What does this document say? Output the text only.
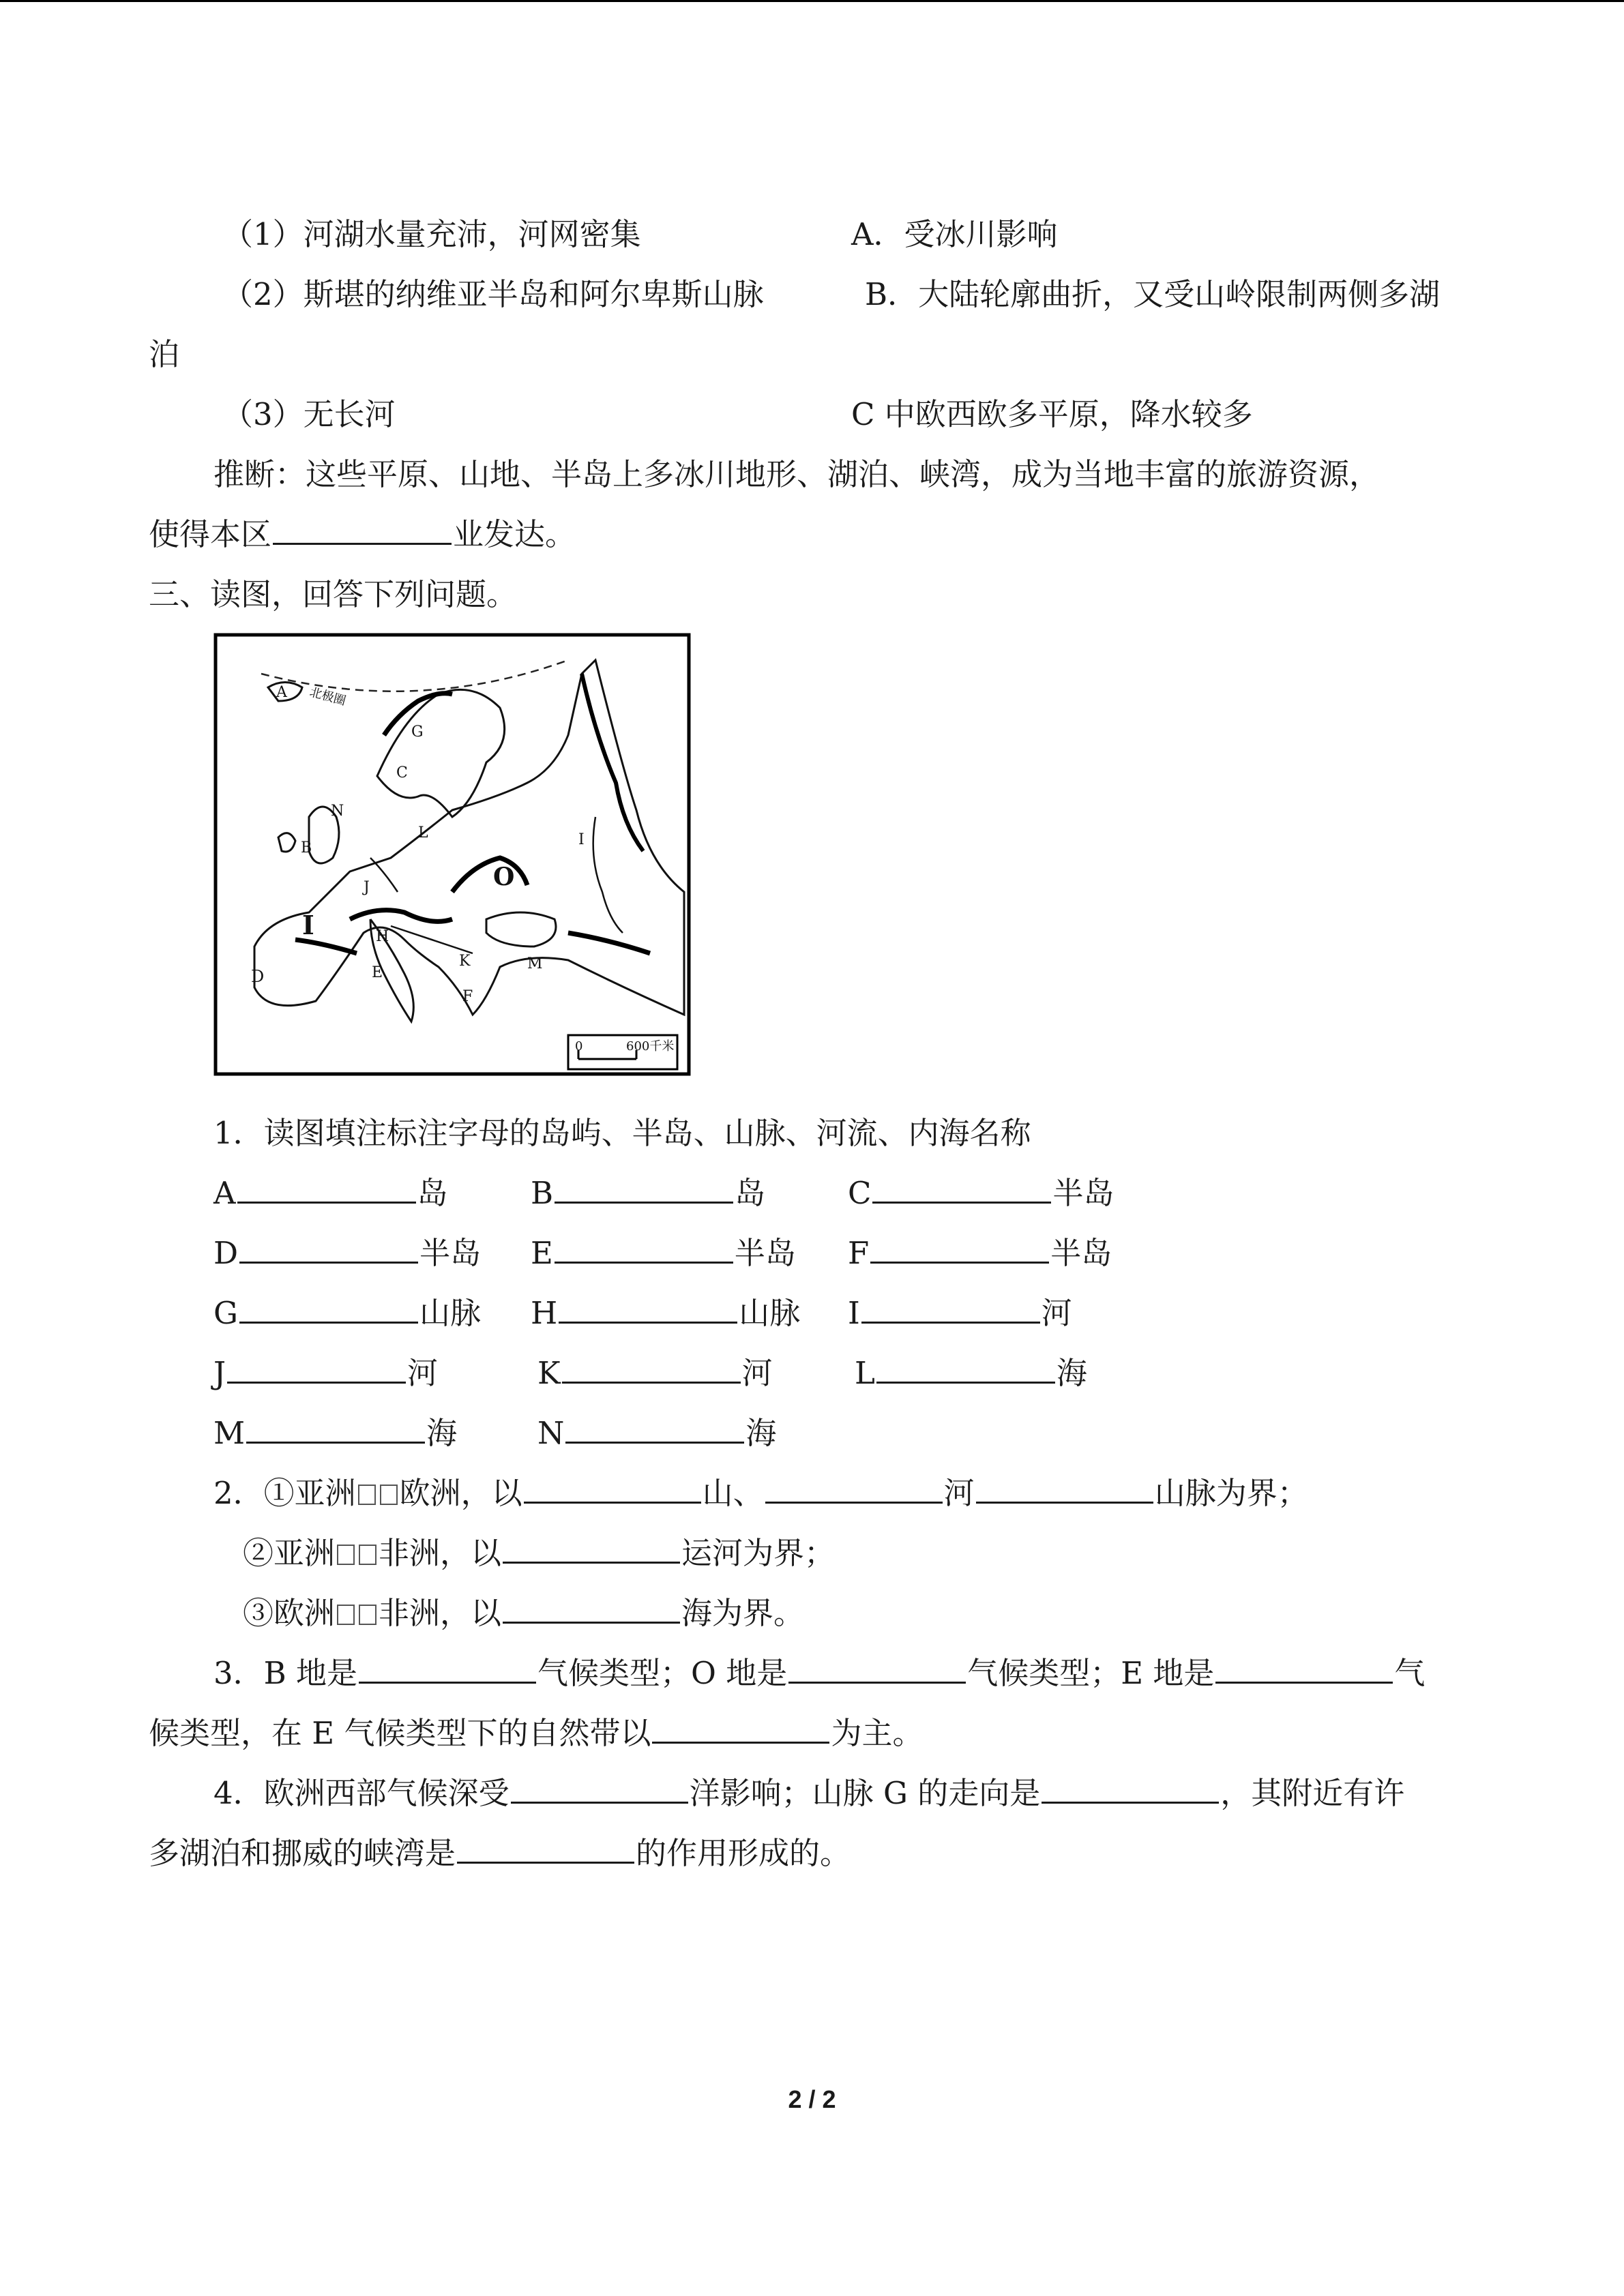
（1）河湖水量充沛，河网密集	A．受冰川影响
（2）斯堪的纳维亚半岛和阿尔卑斯山脉	B．大陆轮廓曲折，又受山岭限制两侧多湖
泊
（3）无长河	C 中欧西欧多平原，降水较多
推断：这些平原、山地、半岛上多冰川地形、湖泊、峡湾，成为当地丰富的旅游资源，
使得本区	业发达。
三、读图，回答下列问题。
0	600千米
北极圈
A
B
C
D	E
F
G
H
I
I
J
K
L
M
N
O
1．读图填注标注字母的岛屿、半岛、山脉、河流、内海名称
A	岛	B	岛	C	半岛
D	半岛 E	半岛 F	半岛
G	山脉 H	山脉 I	河
J	河	K	河	L	海
M	海	N	海
2．①亚洲 欧洲，以	山、	河	山脉为界；
②亚洲 非洲，以	运河为界；
③欧洲 非洲，以	海为界。
3．B 地是	气候类型；O 地是	气候类型；E 地是	气
候类型，在 E 气候类型下的自然带以	为主。
4．欧洲西部气候深受	洋影响；山脉 G 的走向是	，其附近有许
多湖泊和挪威的峡湾是	的作用形成的。
2 / 2
